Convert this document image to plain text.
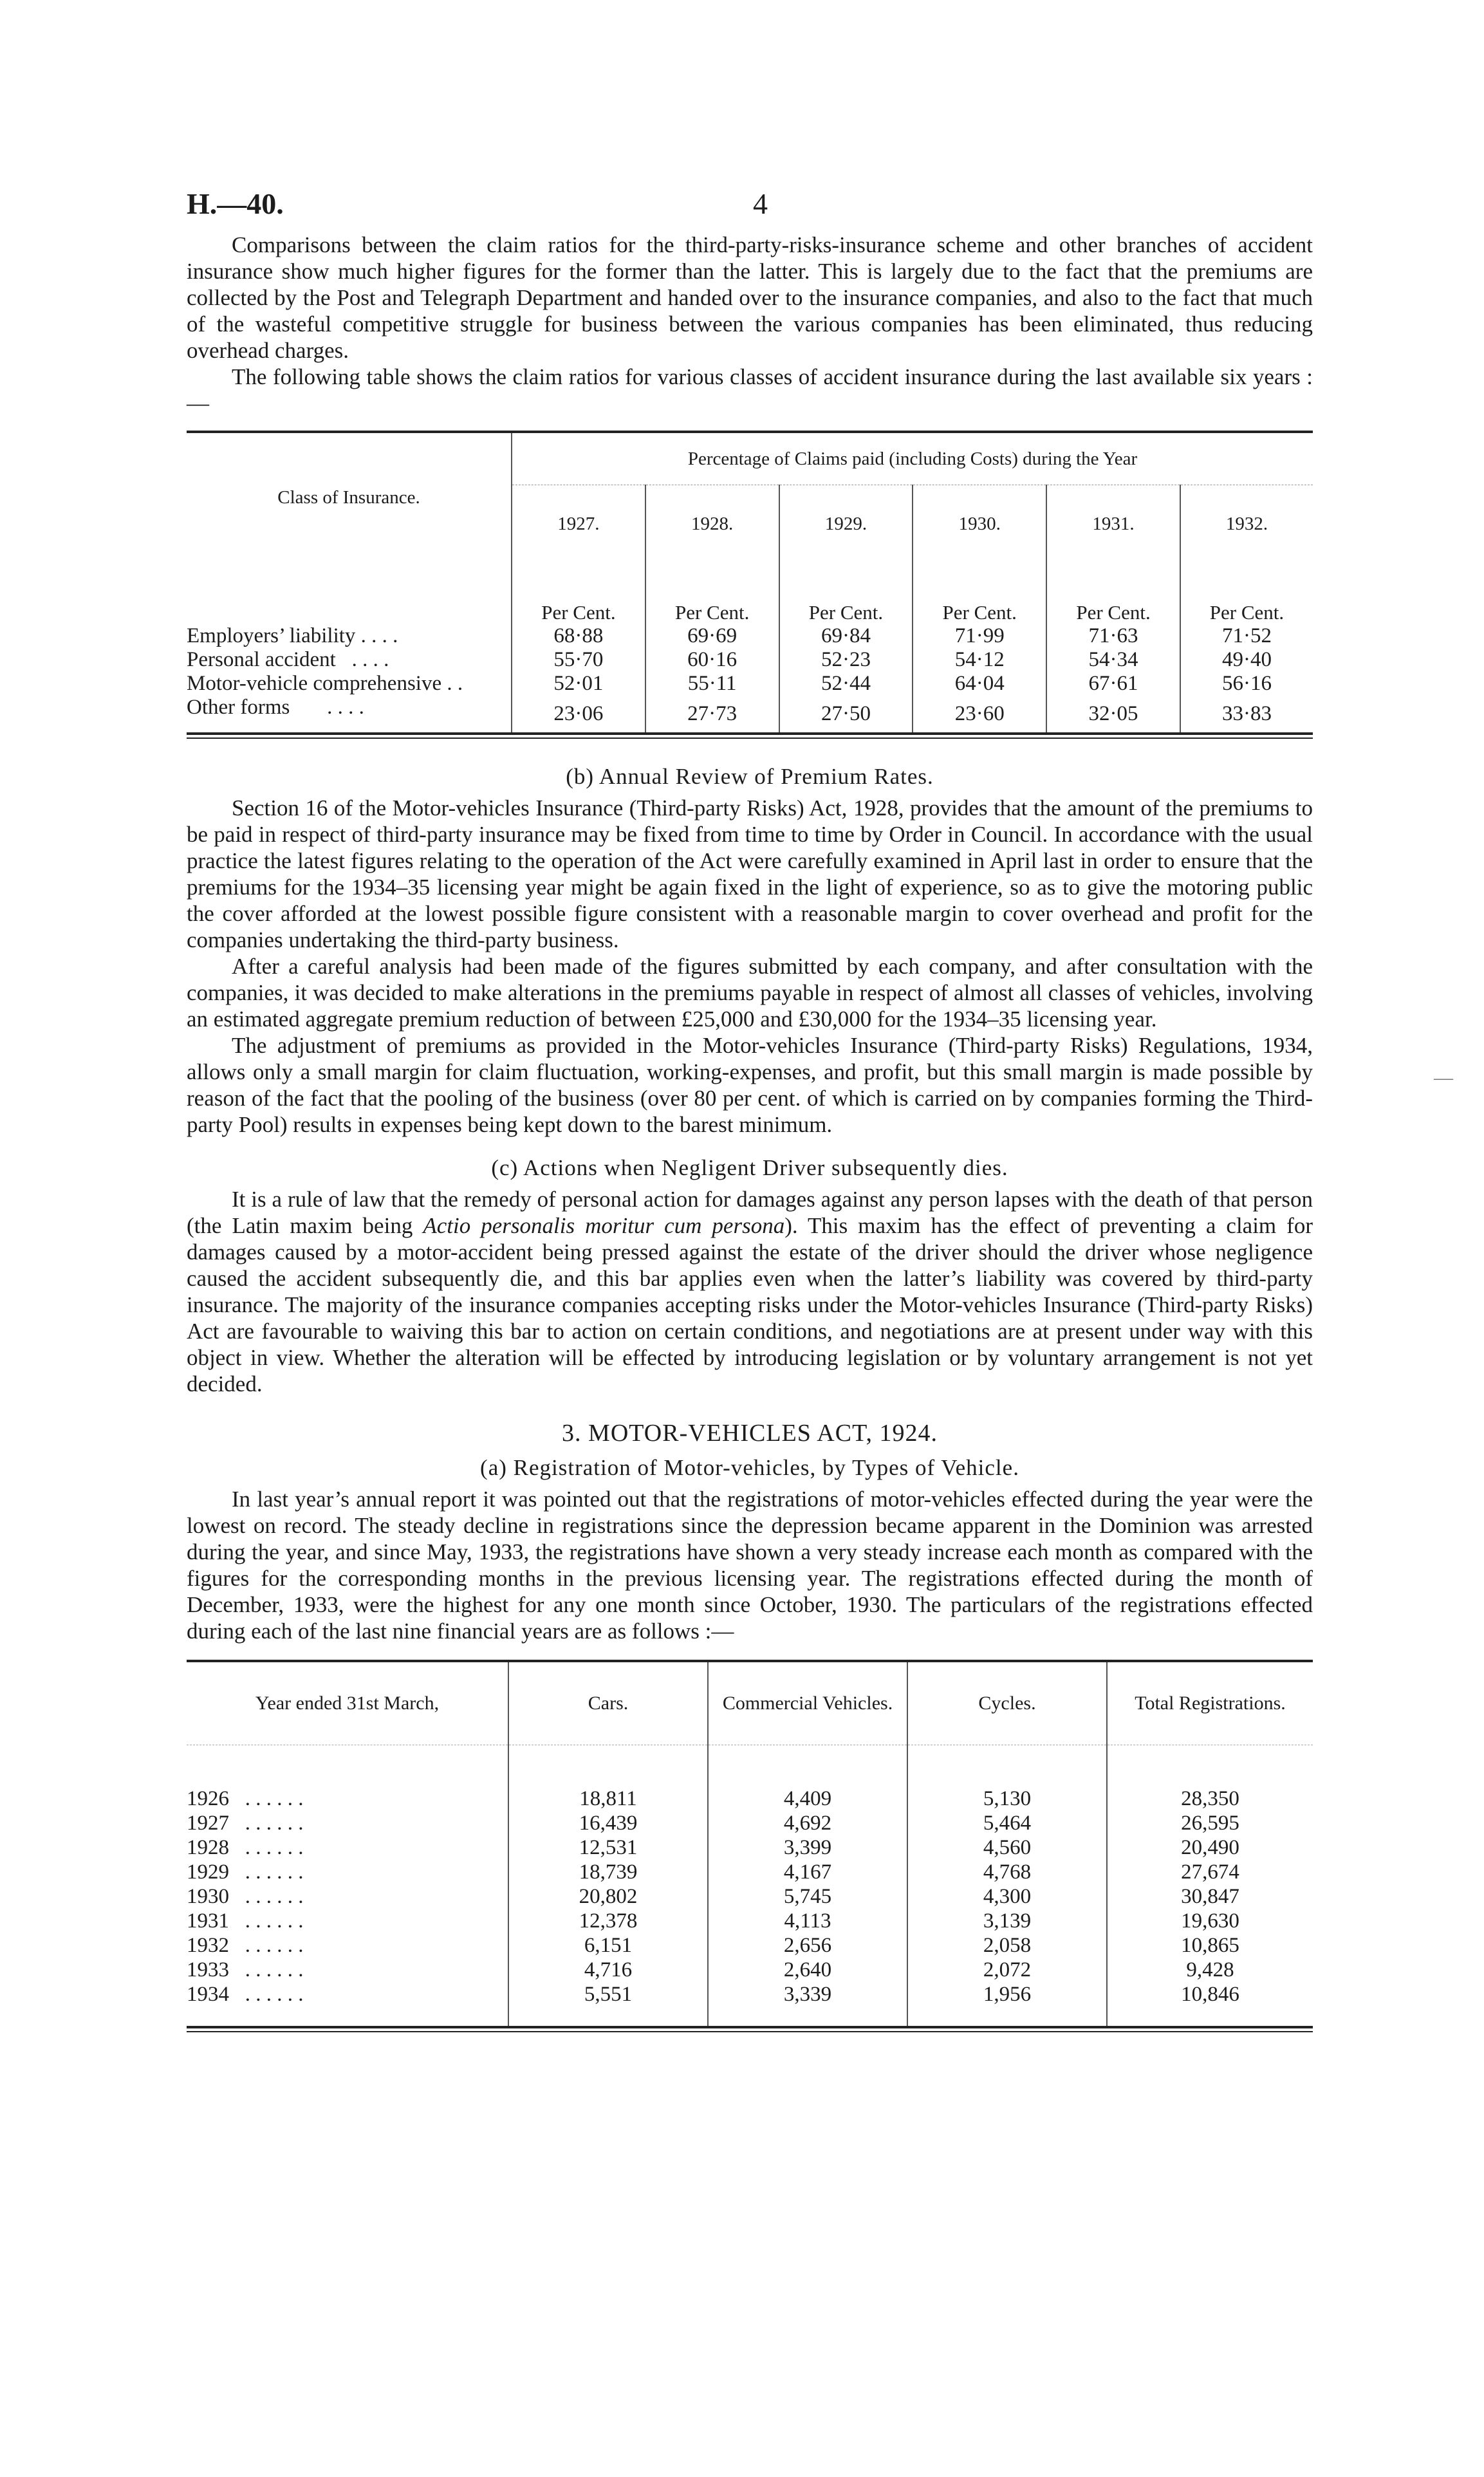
H.—40.	4

Comparisons between the claim ratios for the third-party-risks-insurance scheme and other branches of accident insurance show much higher figures for the former than the latter. This is largely due to the fact that the premiums are collected by the Post and Telegraph Department and handed over to the insurance companies, and also to the fact that much of the wasteful competitive struggle for business between the various companies has been eliminated, thus reducing overhead charges.

The following table shows the claim ratios for various classes of accident insurance during the last available six years :—

Class of Insurance.	Percentage of Claims paid (including Costs) during the Year					
	1927.	1928.	1929.	1930.	1931.	1932.
	Per Cent.	Per Cent.	Per Cent.	Per Cent.	Per Cent.	Per Cent.
Employers’ liability . . . .	68·88	69·69	69·84	71·99	71·63	71·52
Personal accident . . . .	55·70	60·16	52·23	54·12	54·34	49·40
Motor-vehicle comprehensive . .	52·01	55·11	52·44	64·04	67·61	56·16
Other forms . . . .	23·06	27·73	27·50	23·60	32·05	33·83
(b) Annual Review of Premium Rates.

Section 16 of the Motor-vehicles Insurance (Third-party Risks) Act, 1928, provides that the amount of the premiums to be paid in respect of third-party insurance may be fixed from time to time by Order in Council. In accordance with the usual practice the latest figures relating to the operation of the Act were carefully examined in April last in order to ensure that the premiums for the 1934–35 licensing year might be again fixed in the light of experience, so as to give the motoring public the cover afforded at the lowest possible figure consistent with a reasonable margin to cover overhead and profit for the companies undertaking the third-party business.

After a careful analysis had been made of the figures submitted by each company, and after consultation with the companies, it was decided to make alterations in the premiums payable in respect of almost all classes of vehicles, involving an estimated aggregate premium reduction of between £25,000 and £30,000 for the 1934–35 licensing year.

The adjustment of premiums as provided in the Motor-vehicles Insurance (Third-party Risks) Regulations, 1934, allows only a small margin for claim fluctuation, working-expenses, and profit, but this small margin is made possible by reason of the fact that the pooling of the business (over 80 per cent. of which is carried on by companies forming the Third-party Pool) results in expenses being kept down to the barest minimum.

(c) Actions when Negligent Driver subsequently dies.

It is a rule of law that the remedy of personal action for damages against any person lapses with the death of that person (the Latin maxim being Actio personalis moritur cum persona). This maxim has the effect of preventing a claim for damages caused by a motor-accident being pressed against the estate of the driver should the driver whose negligence caused the accident subsequently die, and this bar applies even when the latter’s liability was covered by third-party insurance. The majority of the insurance companies accepting risks under the Motor-vehicles Insurance (Third-party Risks) Act are favourable to waiving this bar to action on certain conditions, and negotiations are at present under way with this object in view. Whether the alteration will be effected by introducing legislation or by voluntary arrangement is not yet decided.

3. MOTOR-VEHICLES ACT, 1924.
(a) Registration of Motor-vehicles, by Types of Vehicle.

In last year’s annual report it was pointed out that the registrations of motor-vehicles effected during the year were the lowest on record. The steady decline in registrations since the depression became apparent in the Dominion was arrested during the year, and since May, 1933, the registrations have shown a very steady increase each month as compared with the figures for the corresponding months in the previous licensing year. The registrations effected during the month of December, 1933, were the highest for any one month since October, 1930. The particulars of the registrations effected during each of the last nine financial years are as follows :—

Year ended 31st March,	Cars.	Commercial Vehicles.	Cycles.	Total Registrations.
1926 . . . . . .	18,811	4,409	5,130	28,350
1927 . . . . . .	16,439	4,692	5,464	26,595
1928 . . . . . .	12,531	3,399	4,560	20,490
1929 . . . . . .	18,739	4,167	4,768	27,674
1930 . . . . . .	20,802	5,745	4,300	30,847
1931 . . . . . .	12,378	4,113	3,139	19,630
1932 . . . . . .	6,151	2,656	2,058	10,865
1933 . . . . . .	4,716	2,640	2,072	9,428
1934 . . . . . .	5,551	3,339	1,956	10,846
—
